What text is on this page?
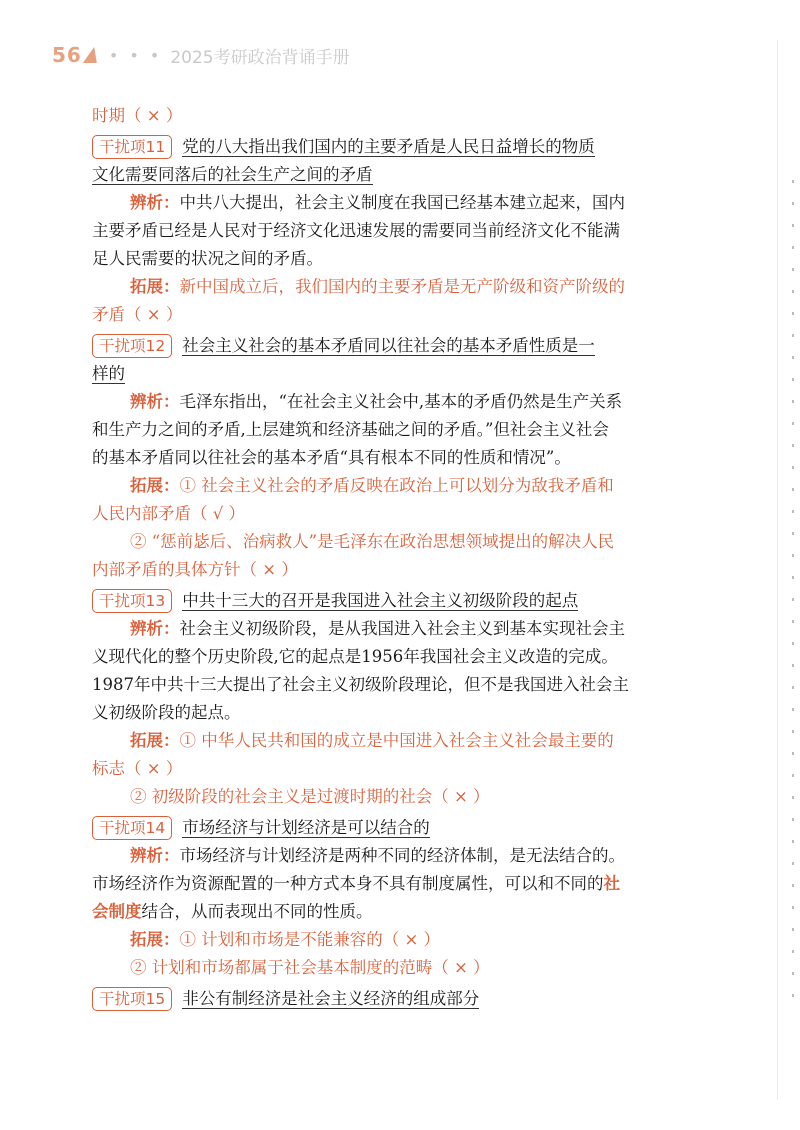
56 • • • 2025考研政治背诵手册
时期（ × ）
干扰项11 党的八大指出我们国内的主要矛盾是人民日益增长的物质
文化需要同落后的社会生产之间的矛盾
辨析：中共八大提出，社会主义制度在我国已经基本建立起来，国内
主要矛盾已经是人民对于经济文化迅速发展的需要同当前经济文化不能满
足人民需要的状况之间的矛盾。
拓展：新中国成立后，我们国内的主要矛盾是无产阶级和资产阶级的
矛盾（ × ）
干扰项12 社会主义社会的基本矛盾同以往社会的基本矛盾性质是一
样的
辨析：毛泽东指出，“在社会主义社会中,基本的矛盾仍然是生产关系
和生产力之间的矛盾,上层建筑和经济基础之间的矛盾。”但社会主义社会
的基本矛盾同以往社会的基本矛盾“具有根本不同的性质和情况”。
拓展：① 社会主义社会的矛盾反映在政治上可以划分为敌我矛盾和
人民内部矛盾（ √ ）
② “惩前毖后、治病救人”是毛泽东在政治思想领域提出的解决人民
内部矛盾的具体方针（ × ）
干扰项13 中共十三大的召开是我国进入社会主义初级阶段的起点
辨析：社会主义初级阶段，是从我国进入社会主义到基本实现社会主
义现代化的整个历史阶段,它的起点是1956年我国社会主义改造的完成。
1987年中共十三大提出了社会主义初级阶段理论，但不是我国进入社会主
义初级阶段的起点。
拓展：① 中华人民共和国的成立是中国进入社会主义社会最主要的
标志（ × ）
② 初级阶段的社会主义是过渡时期的社会（ × ）
干扰项14 市场经济与计划经济是可以结合的
辨析：市场经济与计划经济是两种不同的经济体制，是无法结合的。
市场经济作为资源配置的一种方式本身不具有制度属性，可以和不同的社
会制度结合，从而表现出不同的性质。
拓展：① 计划和市场是不能兼容的（ × ）
② 计划和市场都属于社会基本制度的范畴（ × ）
干扰项15 非公有制经济是社会主义经济的组成部分
